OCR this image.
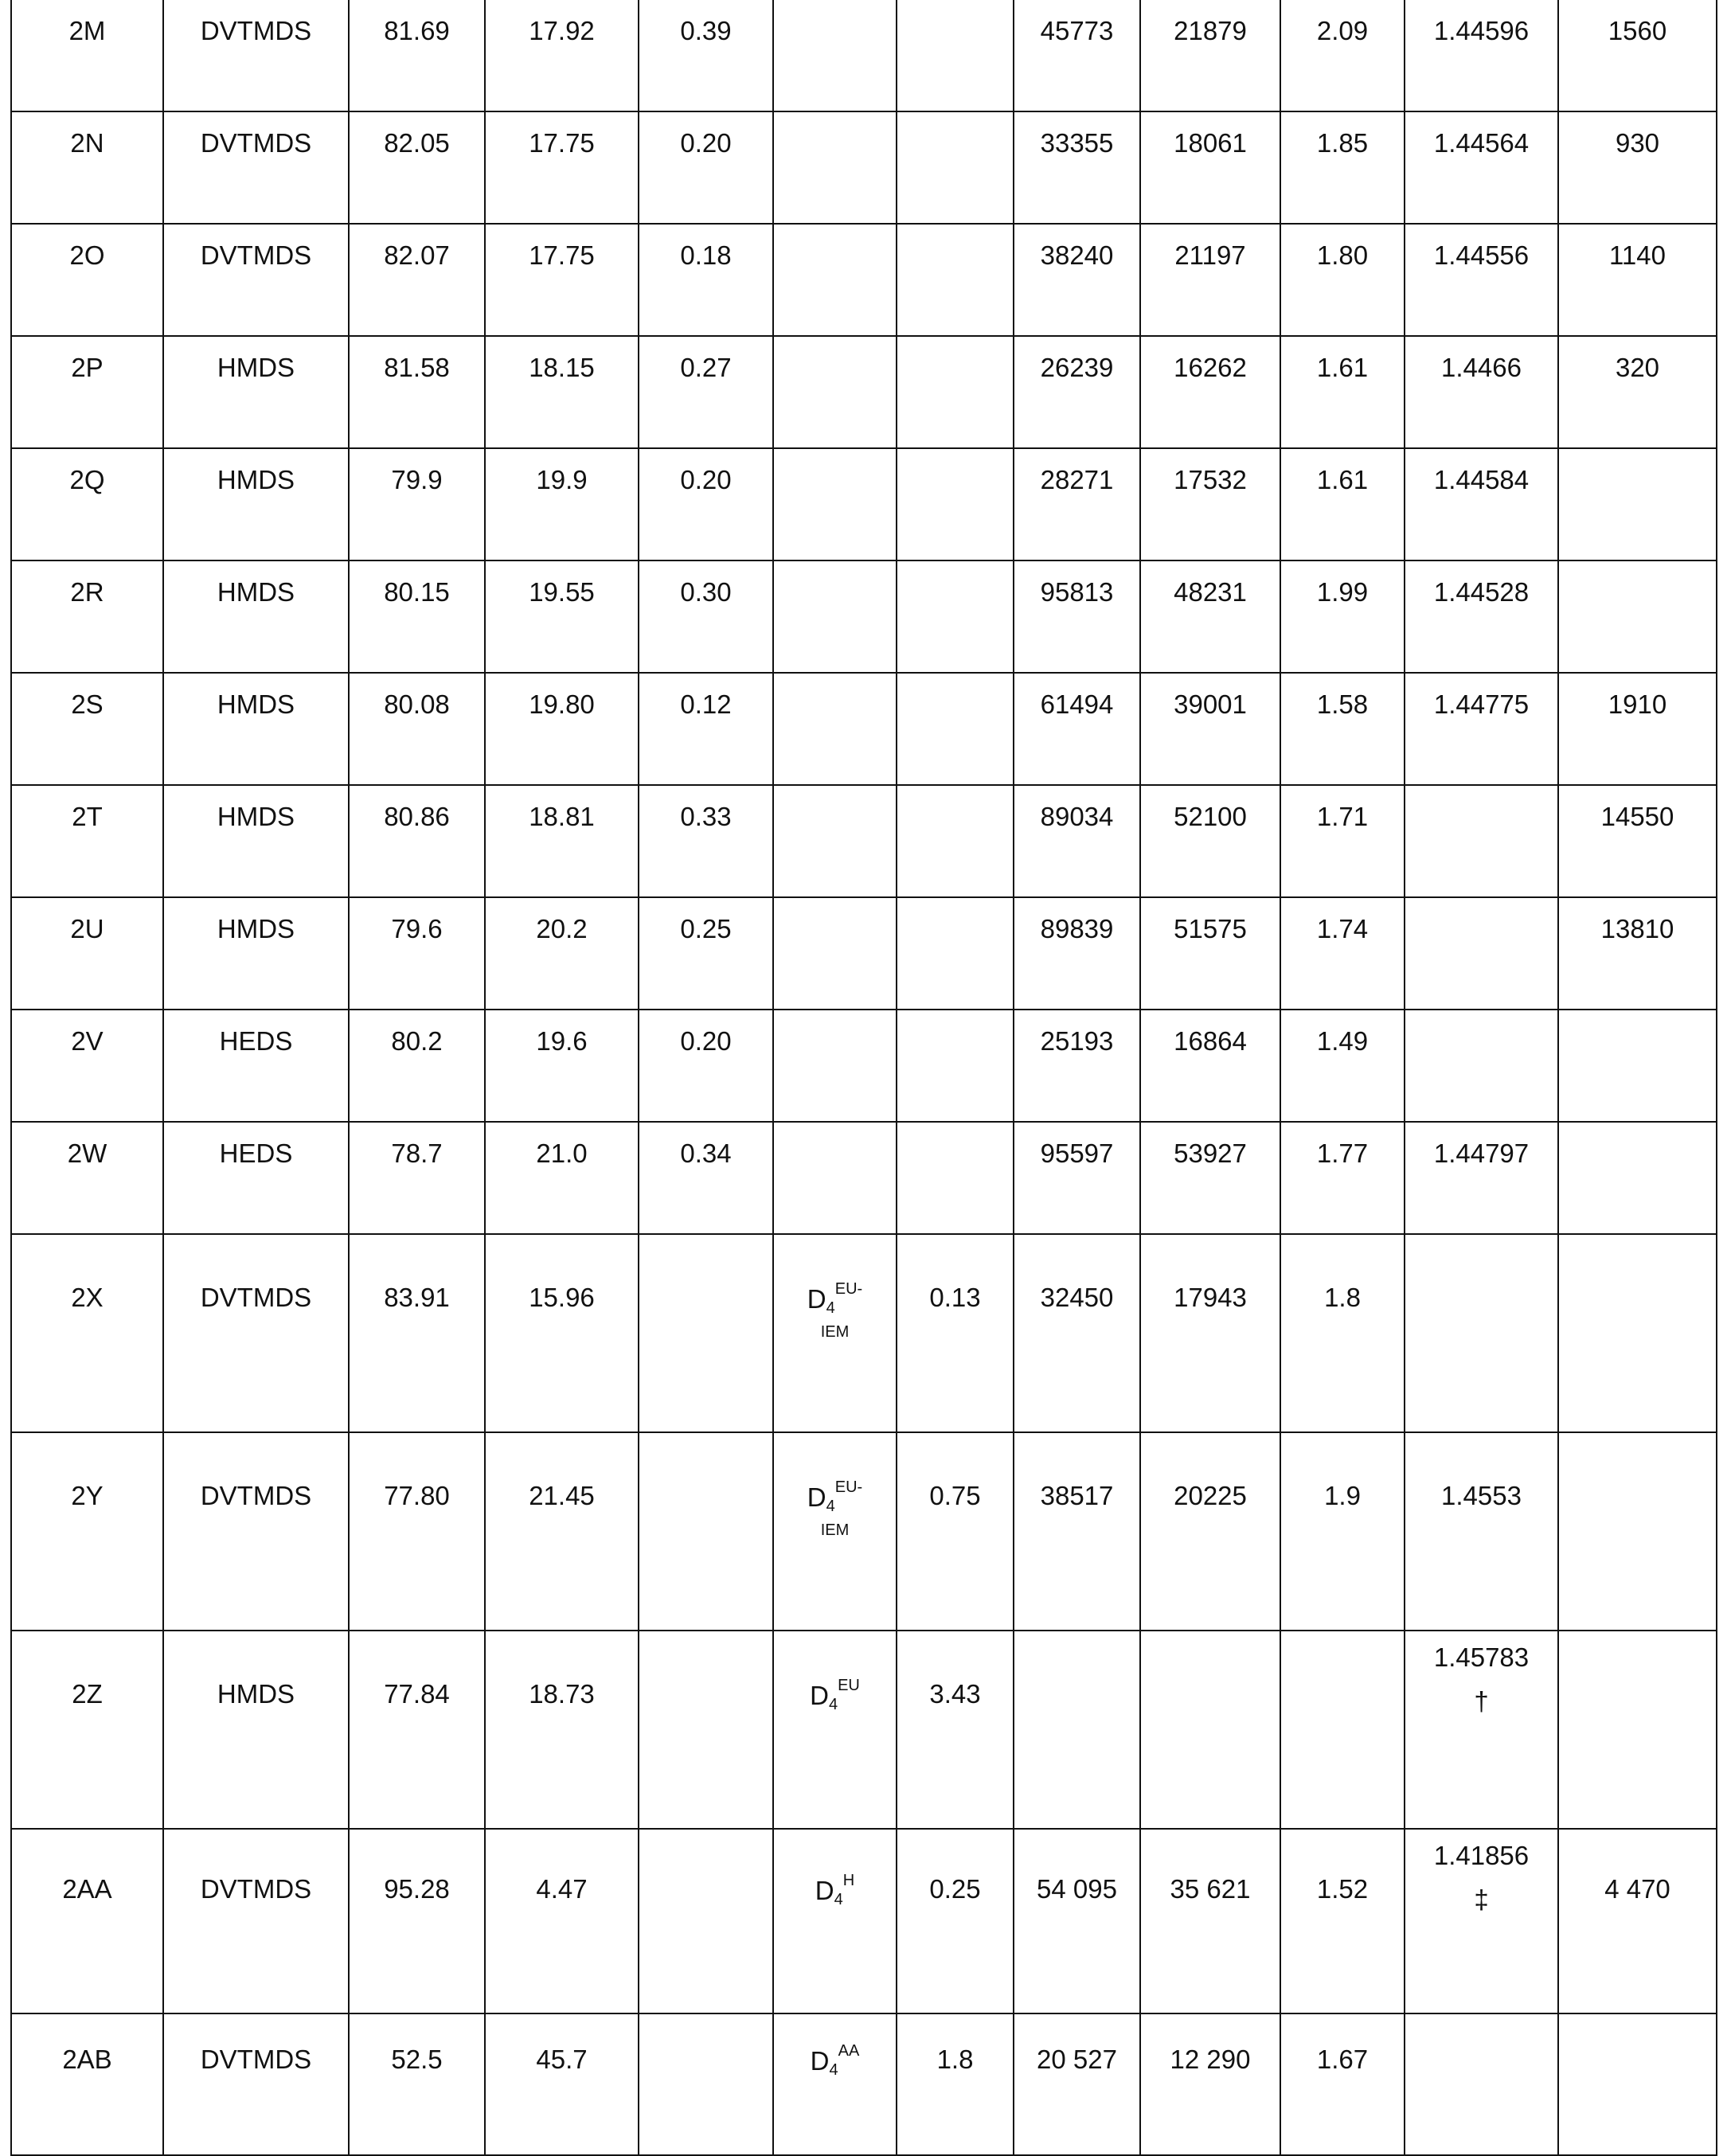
2M	DVTMDS	81.69	17.92	0.39			45773	21879	2.09	1.44596	1560
2N	DVTMDS	82.05	17.75	0.20			33355	18061	1.85	1.44564	930
2O	DVTMDS	82.07	17.75	0.18			38240	21197	1.80	1.44556	1140
2P	HMDS	81.58	18.15	0.27			26239	16262	1.61	1.4466	320
2Q	HMDS	79.9	19.9	0.20			28271	17532	1.61	1.44584	
2R	HMDS	80.15	19.55	0.30			95813	48231	1.99	1.44528	
2S	HMDS	80.08	19.80	0.12			61494	39001	1.58	1.44775	1910
2T	HMDS	80.86	18.81	0.33			89034	52100	1.71		14550
2U	HMDS	79.6	20.2	0.25			89839	51575	1.74		13810
2V	HEDS	80.2	19.6	0.20			25193	16864	1.49		
2W	HEDS	78.7	21.0	0.34			95597	53927	1.77	1.44797	
2X	DVTMDS	83.91	15.96		D4EU-
IEM
	0.13	32450	17943	1.8		
2Y	DVTMDS	77.80	21.45		D4EU-
IEM
	0.75	38517	20225	1.9	1.4553	
2Z	HMDS	77.84	18.73		D4EU	3.43				1.45783
†

2AA	DVTMDS	95.28	4.47		D4H	0.25	54 095	35 621	1.52	1.41856
‡	4 470
2AB	DVTMDS	52.5	45.7		D4AA	1.8	20 527	12 290	1.67		
